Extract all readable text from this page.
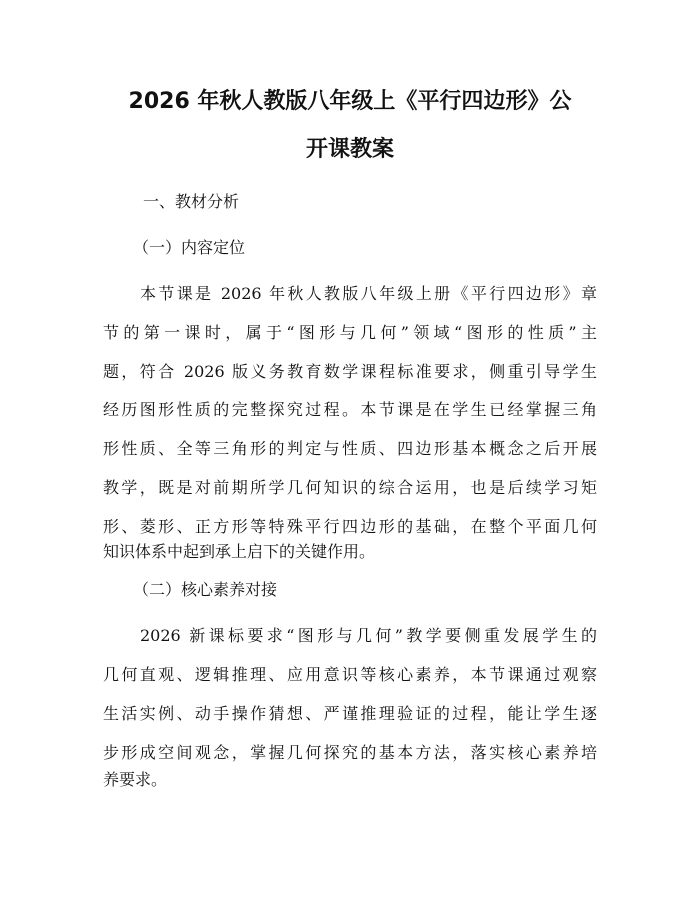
2026 年秋人教版八年级上《平行四边形》公
开课教案
一、教材分析
（一）内容定位

本节课是 2026 年秋人教版八年级上册《平行四边形》章

节的第一课时，属于“图形与几何”领域“图形的性质”主

题，符合 2026 版义务教育数学课程标准要求，侧重引导学生

经历图形性质的完整探究过程。本节课是在学生已经掌握三角

形性质、全等三角形的判定与性质、四边形基本概念之后开展

教学，既是对前期所学几何知识的综合运用，也是后续学习矩

形、菱形、正方形等特殊平行四边形的基础，在整个平面几何

知识体系中起到承上启下的关键作用。

（二）核心素养对接

2026 新课标要求“图形与几何”教学要侧重发展学生的

几何直观、逻辑推理、应用意识等核心素养，本节课通过观察

生活实例、动手操作猜想、严谨推理验证的过程，能让学生逐

步形成空间观念，掌握几何探究的基本方法，落实核心素养培

养要求。
